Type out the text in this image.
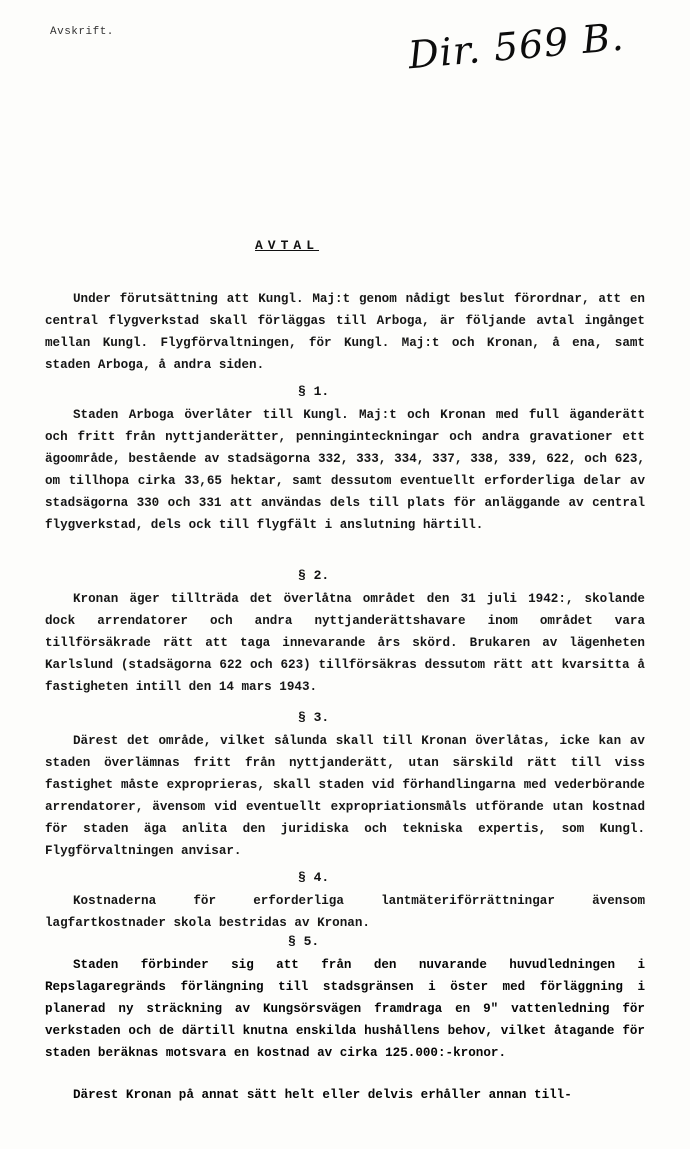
Avskrift.	Dir. 569 B.
AVTAL

Under förutsättning att Kungl. Maj:t genom nådigt beslut förordnar, att en central flygverkstad skall förläggas till Arboga, är följande avtal ingånget mellan Kungl. Flygförvaltningen, för Kungl. Maj:t och Kronan, å ena, samt staden Arboga, å andra siden.

§ 1.

Staden Arboga överlåter till Kungl. Maj:t och Kronan med full äganderätt och fritt från nyttjanderätter, penninginteckningar och andra gravationer ett ägoområde, bestående av stadsägorna 332, 333, 334, 337, 338, 339, 622, och 623, om tillhopa cirka 33,65 hektar, samt dessutom eventuellt erforderliga delar av stadsägorna 330 och 331 att användas dels till plats för anläggande av central flygverkstad, dels ock till flygfält i anslutning härtill.

§ 2.

Kronan äger tillträda det överlåtna området den 31 juli 1942:, skolande dock arrendatorer och andra nyttjanderättshavare inom området vara tillförsäkrade rätt att taga innevarande års skörd. Brukaren av lägenheten Karlslund (stadsägorna 622 och 623) tillförsäkras dessutom rätt att kvarsitta å fastigheten intill den 14 mars 1943.

§ 3.

Därest det område, vilket sålunda skall till Kronan överlåtas, icke kan av staden överlämnas fritt från nyttjanderätt, utan särskild rätt till viss fastighet måste exproprieras, skall staden vid förhandlingarna med vederbörande arrendatorer, ävensom vid eventuellt expropriationsmåls utförande utan kostnad för staden äga anlita den juridiska och tekniska expertis, som Kungl. Flygförvaltningen anvisar.

§ 4.

Kostnaderna för erforderliga lantmäteriförrättningar ävensom lagfartkostnader skola bestridas av Kronan.

§ 5.

Staden förbinder sig att från den nuvarande huvudledningen i Repslagaregränds förlängning till stadsgränsen i öster med förläggning i planerad ny sträckning av Kungsörsvägen framdraga en 9" vattenledning för verkstaden och de därtill knutna enskilda hushållens behov, vilket åtagande för staden beräknas motsvara en kostnad av cirka 125.000:-kronor.

Därest Kronan på annat sätt helt eller delvis erhåller annan till-
